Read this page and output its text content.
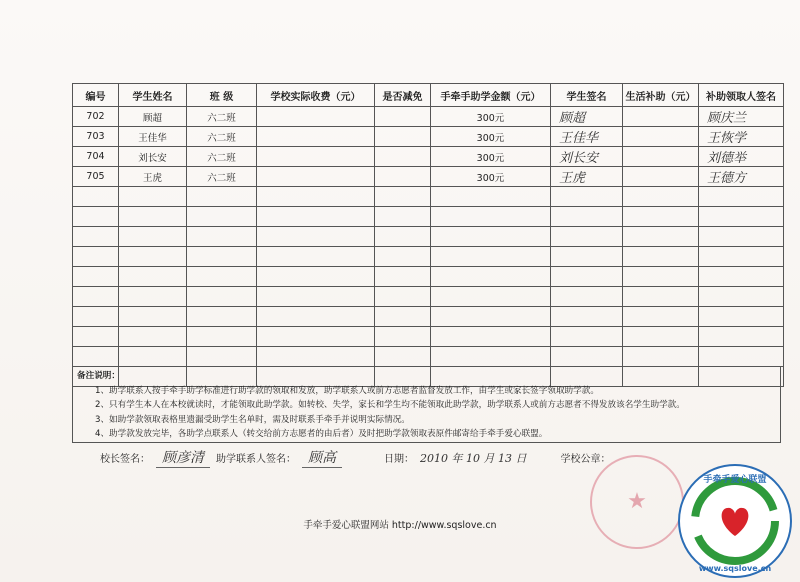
编号	学生姓名	班 级	学校实际收费（元）	是否减免	手牵手助学金额（元）	学生签名	生活补助（元）	补助领取人签名
702	顾超	六二班			300元	顾超		顾庆兰
703	王佳华	六二班			300元	王佳华		王恢学
704	刘长安	六二班			300元	刘长安		刘德举
705	王虎	六二班			300元	王虎		王德方

备注说明：
1、助学联系人按手牵手助学标准进行助学款的领取和发放，助学联系人或前方志愿者监督发放工作，由学生或家长签字领取助学款。
2、只有学生本人在本校就读时，才能领取此助学款。如转校、失学，家长和学生均不能领取此助学款，助学联系人或前方志愿者不得发放该名学生助学款。
3、如助学款领取表格里遗漏受助学生名单时，需及时联系手牵手并说明实际情况。
4、助学款发放完毕，各助学点联系人（转交给前方志愿者的由后者）及时把助学款领取表原件邮寄给手牵手爱心联盟。
校长签名： 顾彦清	助学联系人签名： 顾高	日期： 2010 年 10 月 13 日	学校公章：
★
手牵手爱心联盟网站 http://www.sqslove.cn
手牵手爱心联盟
www.sqslove.cn
